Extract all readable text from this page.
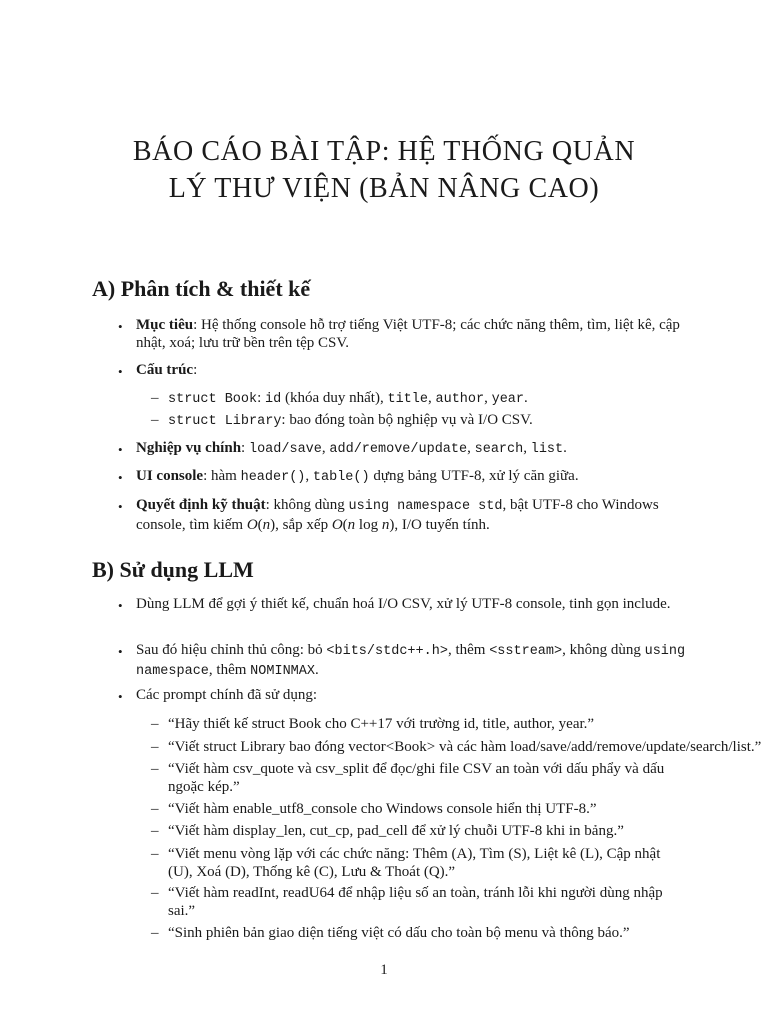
BÁO CÁO BÀI TẬP: HỆ THỐNG QUẢN
LÝ THƯ VIỆN (BẢN NÂNG CAO)
A) Phân tích & thiết kế
• Mục tiêu: Hệ thống console hỗ trợ tiếng Việt UTF-8; các chức năng thêm, tìm, liệt kê, cập nhật, xoá; lưu trữ bền trên tệp CSV.
• Cấu trúc:
– struct Book: id (khóa duy nhất), title, author, year.
– struct Library: bao đóng toàn bộ nghiệp vụ và I/O CSV.
• Nghiệp vụ chính: load/save, add/remove/update, search, list.
• UI console: hàm header(), table() dựng bảng UTF-8, xử lý căn giữa.
• Quyết định kỹ thuật: không dùng using namespace std, bật UTF-8 cho Windows console, tìm kiếm O(n), sắp xếp O(n log n), I/O tuyến tính.
B) Sử dụng LLM
• Dùng LLM để gợi ý thiết kế, chuẩn hoá I/O CSV, xử lý UTF-8 console, tinh gọn include.
• Sau đó hiệu chỉnh thủ công: bỏ <bits/stdc++.h>, thêm <sstream>, không dùng using namespace, thêm NOMINMAX.
• Các prompt chính đã sử dụng:
– “Hãy thiết kế struct Book cho C++17 với trường id, title, author, year.”
– “Viết struct Library bao đóng vector<Book> và các hàm load/save/add/remove/update/search/list.”
– “Viết hàm csv_quote và csv_split để đọc/ghi file CSV an toàn với dấu phẩy và dấu ngoặc kép.”
– “Viết hàm enable_utf8_console cho Windows console hiển thị UTF-8.”
– “Viết hàm display_len, cut_cp, pad_cell để xử lý chuỗi UTF-8 khi in bảng.”
– “Viết menu vòng lặp với các chức năng: Thêm (A), Tìm (S), Liệt kê (L), Cập nhật (U), Xoá (D), Thống kê (C), Lưu & Thoát (Q).”
– “Viết hàm readInt, readU64 để nhập liệu số an toàn, tránh lỗi khi người dùng nhập sai.”
– “Sinh phiên bản giao diện tiếng việt có dấu cho toàn bộ menu và thông báo.”
1
